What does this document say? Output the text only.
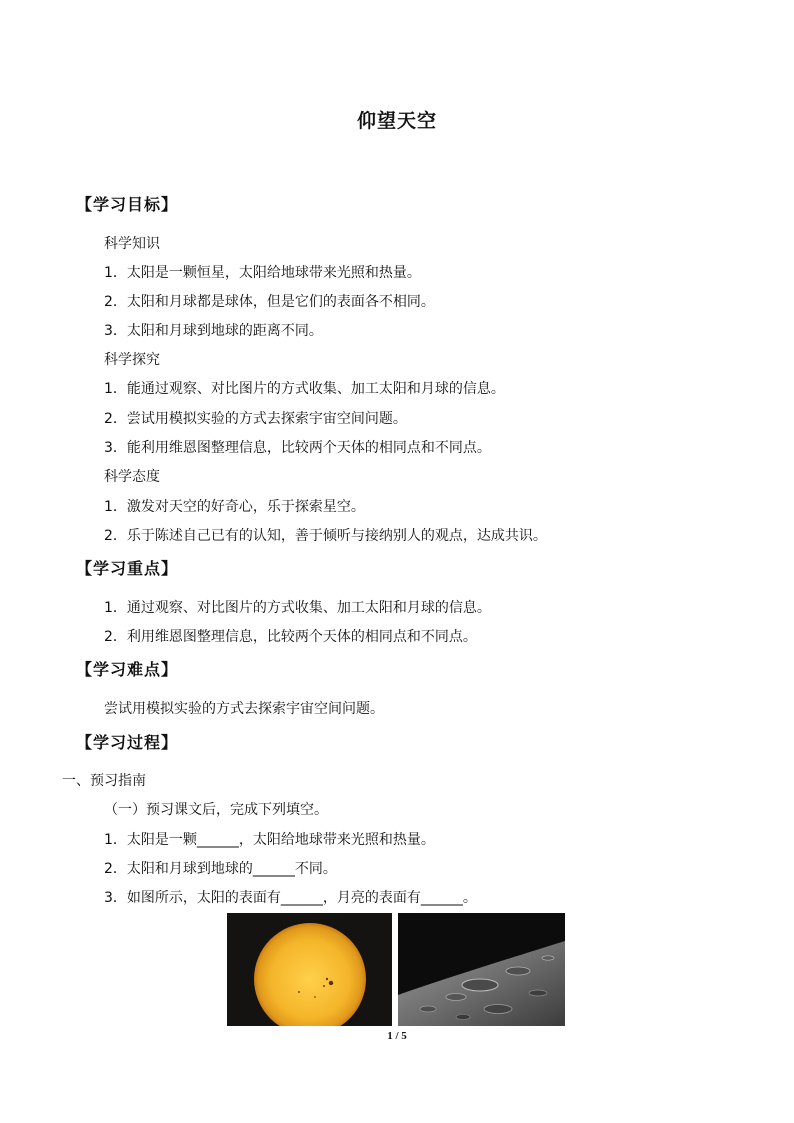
仰望天空
【学习目标】
科学知识
1．太阳是一颗恒星，太阳给地球带来光照和热量。
2．太阳和月球都是球体，但是它们的表面各不相同。
3．太阳和月球到地球的距离不同。
科学探究
1．能通过观察、对比图片的方式收集、加工太阳和月球的信息。
2．尝试用模拟实验的方式去探索宇宙空间问题。
3．能利用维恩图整理信息，比较两个天体的相同点和不同点。
科学态度
1．激发对天空的好奇心，乐于探索星空。
2．乐于陈述自己已有的认知，善于倾听与接纳别人的观点，达成共识。
【学习重点】
1．通过观察、对比图片的方式收集、加工太阳和月球的信息。
2．利用维恩图整理信息，比较两个天体的相同点和不同点。
【学习难点】
尝试用模拟实验的方式去探索宇宙空间问题。
【学习过程】
一、预习指南
（一）预习课文后，完成下列填空。
1．太阳是一颗______，太阳给地球带来光照和热量。
2．太阳和月球到地球的______不同。
3．如图所示，太阳的表面有______，月亮的表面有______。
1 / 5
